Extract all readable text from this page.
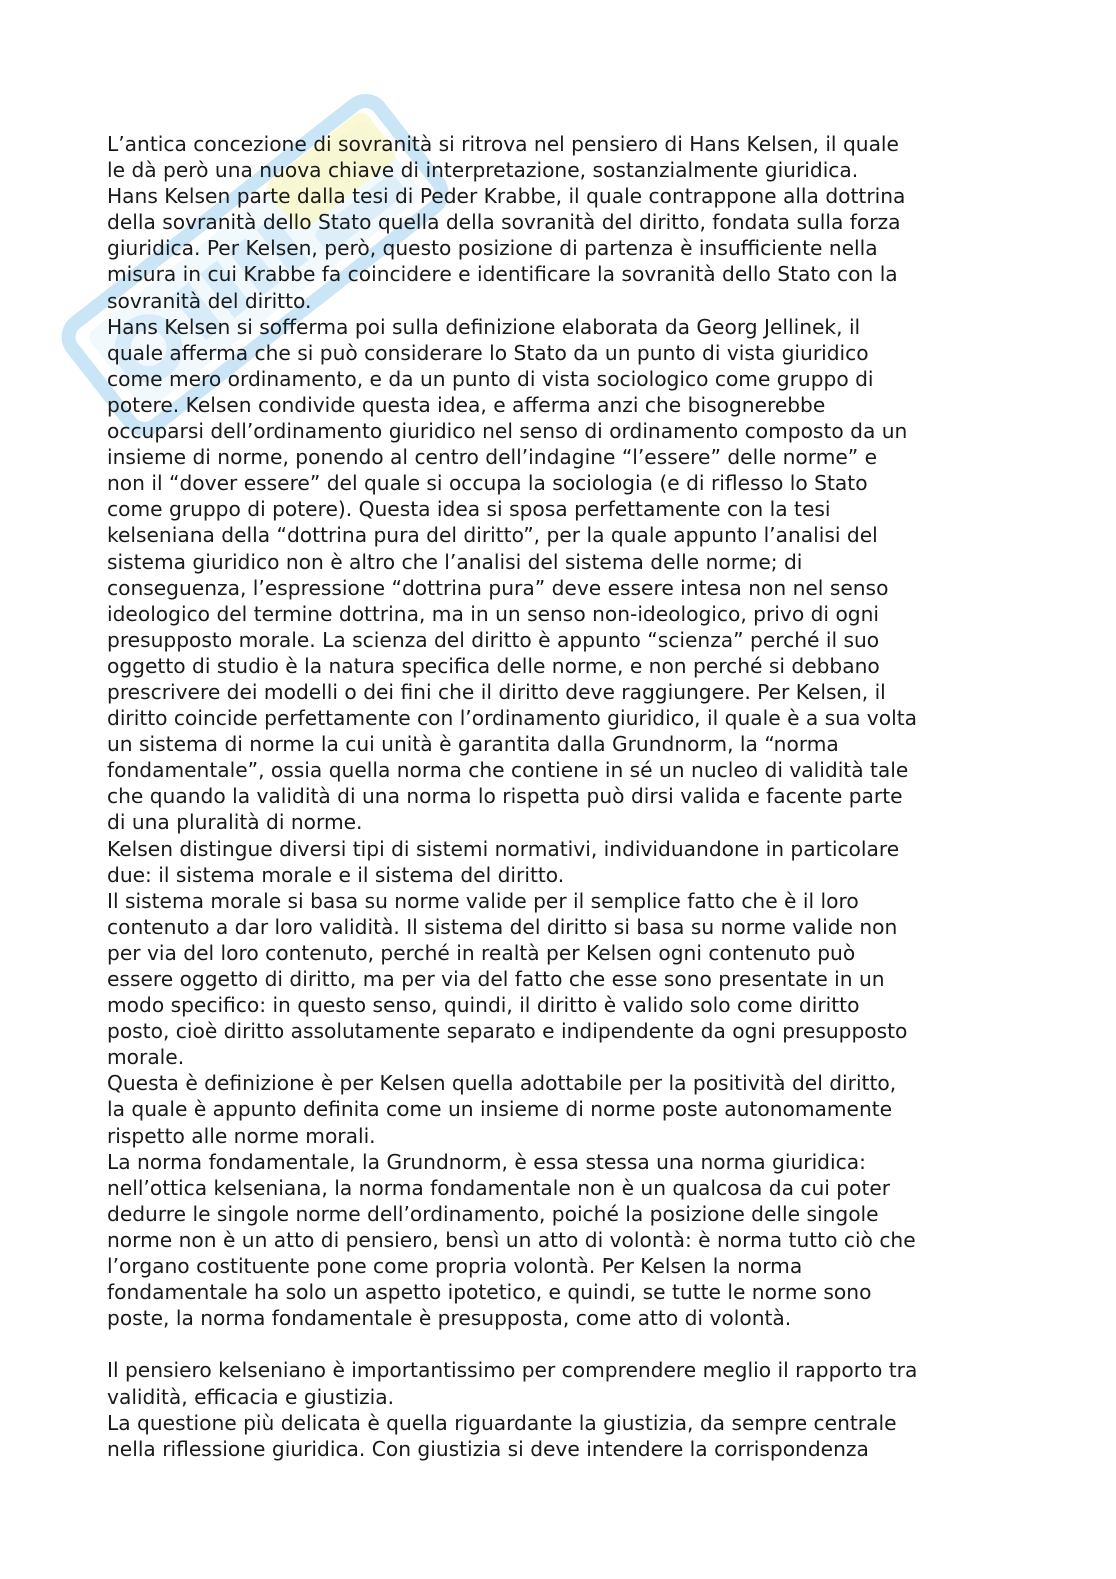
L’antica concezione di sovranità si ritrova nel pensiero di Hans Kelsen, il quale
le dà però una nuova chiave di interpretazione, sostanzialmente giuridica.
Hans Kelsen parte dalla tesi di Peder Krabbe, il quale contrappone alla dottrina
della sovranità dello Stato quella della sovranità del diritto, fondata sulla forza
giuridica. Per Kelsen, però, questo posizione di partenza è insufficiente nella
misura in cui Krabbe fa coincidere e identificare la sovranità dello Stato con la
sovranità del diritto.
Hans Kelsen si sofferma poi sulla definizione elaborata da Georg Jellinek, il
quale afferma che si può considerare lo Stato da un punto di vista giuridico
come mero ordinamento, e da un punto di vista sociologico come gruppo di
potere. Kelsen condivide questa idea, e afferma anzi che bisognerebbe
occuparsi dell’ordinamento giuridico nel senso di ordinamento composto da un
insieme di norme, ponendo al centro dell’indagine “l’essere” delle norme” e
non il “dover essere” del quale si occupa la sociologia (e di riflesso lo Stato
come gruppo di potere). Questa idea si sposa perfettamente con la tesi
kelseniana della “dottrina pura del diritto”, per la quale appunto l’analisi del
sistema giuridico non è altro che l’analisi del sistema delle norme; di
conseguenza, l’espressione “dottrina pura” deve essere intesa non nel senso
ideologico del termine dottrina, ma in un senso non-ideologico, privo di ogni
presupposto morale. La scienza del diritto è appunto “scienza” perché il suo
oggetto di studio è la natura specifica delle norme, e non perché si debbano
prescrivere dei modelli o dei fini che il diritto deve raggiungere. Per Kelsen, il
diritto coincide perfettamente con l’ordinamento giuridico, il quale è a sua volta
un sistema di norme la cui unità è garantita dalla Grundnorm, la “norma
fondamentale”, ossia quella norma che contiene in sé un nucleo di validità tale
che quando la validità di una norma lo rispetta può dirsi valida e facente parte
di una pluralità di norme.
Kelsen distingue diversi tipi di sistemi normativi, individuandone in particolare
due: il sistema morale e il sistema del diritto.
Il sistema morale si basa su norme valide per il semplice fatto che è il loro
contenuto a dar loro validità. Il sistema del diritto si basa su norme valide non
per via del loro contenuto, perché in realtà per Kelsen ogni contenuto può
essere oggetto di diritto, ma per via del fatto che esse sono presentate in un
modo specifico: in questo senso, quindi, il diritto è valido solo come diritto
posto, cioè diritto assolutamente separato e indipendente da ogni presupposto
morale.
Questa è definizione è per Kelsen quella adottabile per la positività del diritto,
la quale è appunto definita come un insieme di norme poste autonomamente
rispetto alle norme morali.
La norma fondamentale, la Grundnorm, è essa stessa una norma giuridica:
nell’ottica kelseniana, la norma fondamentale non è un qualcosa da cui poter
dedurre le singole norme dell’ordinamento, poiché la posizione delle singole
norme non è un atto di pensiero, bensì un atto di volontà: è norma tutto ciò che
l’organo costituente pone come propria volontà. Per Kelsen la norma
fondamentale ha solo un aspetto ipotetico, e quindi, se tutte le norme sono
poste, la norma fondamentale è presupposta, come atto di volontà.
Il pensiero kelseniano è importantissimo per comprendere meglio il rapporto tra
validità, efficacia e giustizia.
La questione più delicata è quella riguardante la giustizia, da sempre centrale
nella riflessione giuridica. Con giustizia si deve intendere la corrispondenza
